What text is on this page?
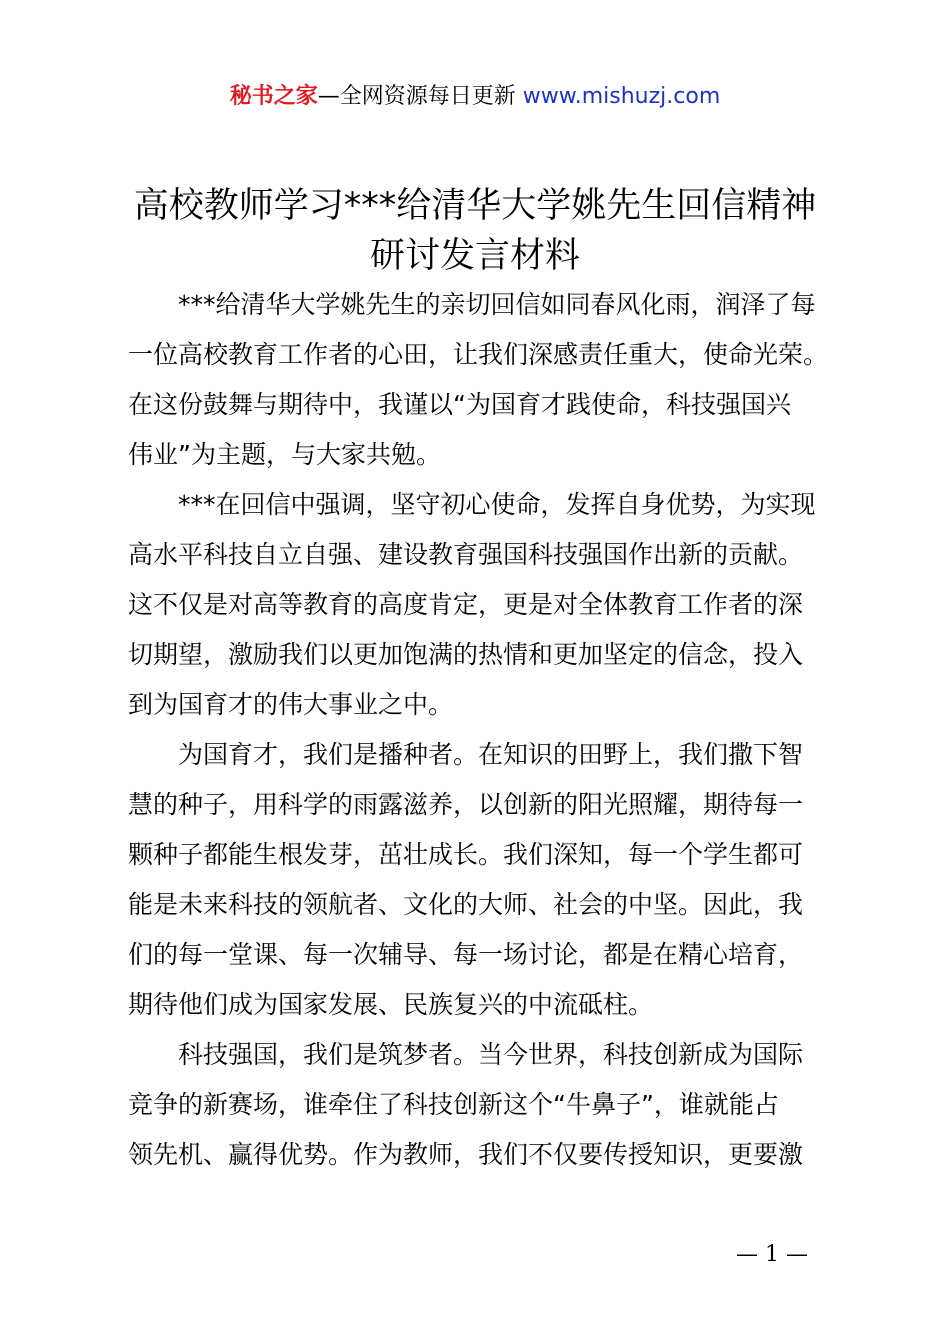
秘书之家—全网资源每日更新 www.mishuzj.com
高校教师学习***给清华大学姚先生回信精神
研讨发言材料
***给清华大学姚先生的亲切回信如同春风化雨，润泽了每
一位高校教育工作者的心田，让我们深感责任重大，使命光荣。
在这份鼓舞与期待中，我谨以“为国育才践使命，科技强国兴
伟业”为主题，与大家共勉。
***在回信中强调，坚守初心使命，发挥自身优势，为实现
高水平科技自立自强、建设教育强国科技强国作出新的贡献。
这不仅是对高等教育的高度肯定，更是对全体教育工作者的深
切期望，激励我们以更加饱满的热情和更加坚定的信念，投入
到为国育才的伟大事业之中。
为国育才，我们是播种者。在知识的田野上，我们撒下智
慧的种子，用科学的雨露滋养，以创新的阳光照耀，期待每一
颗种子都能生根发芽，茁壮成长。我们深知，每一个学生都可
能是未来科技的领航者、文化的大师、社会的中坚。因此，我
们的每一堂课、每一次辅导、每一场讨论，都是在精心培育，
期待他们成为国家发展、民族复兴的中流砥柱。
科技强国，我们是筑梦者。当今世界，科技创新成为国际
竞争的新赛场，谁牵住了科技创新这个“牛鼻子”，谁就能占
领先机、赢得优势。作为教师，我们不仅要传授知识，更要激
— 1 —
